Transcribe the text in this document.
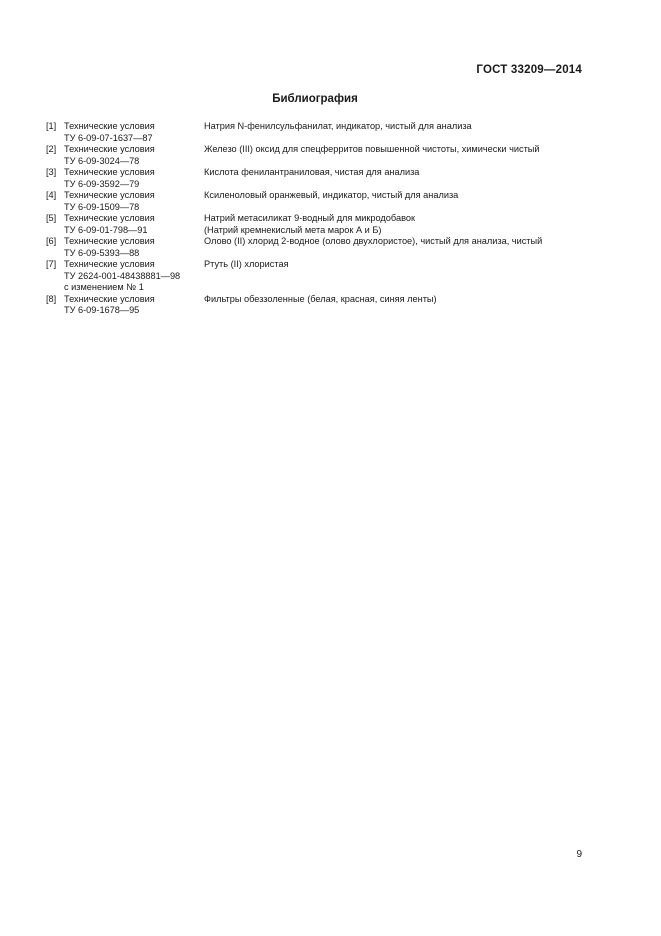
ГОСТ 33209—2014
Библиография
[1] Технические условия
ТУ 6-09-07-1637—87
Натрия N-фенилсульфанилат, индикатор, чистый для анализа
[2] Технические условия
ТУ 6-09-3024—78
Железо (III) оксид для спецферритов повышенной чистоты, химически чистый
[3] Технические условия
ТУ 6-09-3592—79
Кислота фенилантраниловая, чистая для анализа
[4] Технические условия
ТУ 6-09-1509—78
Ксиленоловый оранжевый, индикатор, чистый для анализа
[5] Технические условия
ТУ 6-09-01-798—91
Натрий метасиликат 9-водный для микродобавок
(Натрий кремнекислый мета марок А и Б)
[6] Технические условия
ТУ 6-09-5393—88
Олово (II) хлорид 2-водное (олово двухлористое), чистый для анализа, чистый
[7] Технические условия
ТУ 2624-001-48438881—98
с изменением № 1
Ртуть (II) хлористая
[8] Технические условия
ТУ 6-09-1678—95
Фильтры обеззоленные (белая, красная, синяя ленты)
9
